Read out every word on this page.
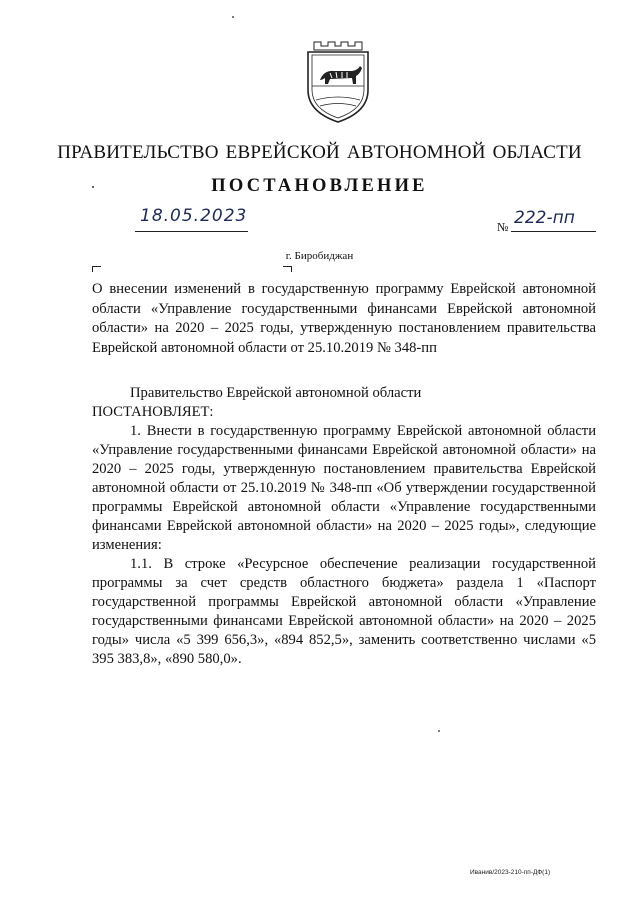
ПРАВИТЕЛЬСТВО ЕВРЕЙСКОЙ АВТОНОМНОЙ ОБЛАСТИ
ПОСТАНОВЛЕНИЕ
18.05.2023
№ 222-пп
г. Биробиджан
О внесении изменений в государственную программу Еврейской автономной области «Управление государственными финансами Еврейской автономной области» на 2020 – 2025 годы, утвержденную постановлением правительства Еврейской автономной области от 25.10.2019 № 348-пп

Правительство Еврейской автономной области

ПОСТАНОВЛЯЕТ:

1. Внести в государственную программу Еврейской автономной области «Управление государственными финансами Еврейской автономной области» на 2020 – 2025 годы, утвержденную постановлением правительства Еврейской автономной области от 25.10.2019 № 348-пп «Об утверждении государственной программы Еврейской автономной области «Управление государственными финансами Еврейской автономной области» на 2020 – 2025 годы», следующие изменения:

1.1. В строке «Ресурсное обеспечение реализации государственной программы за счет средств областного бюджета» раздела 1 «Паспорт государственной программы Еврейской автономной области «Управление государственными финансами Еврейской автономной области» на 2020 – 2025 годы» числа «5 399 656,3», «894 852,5», заменить соответственно числами «5 395 383,8», «890 580,0».

Иванив/2023-210-пп-ДФ(1)
